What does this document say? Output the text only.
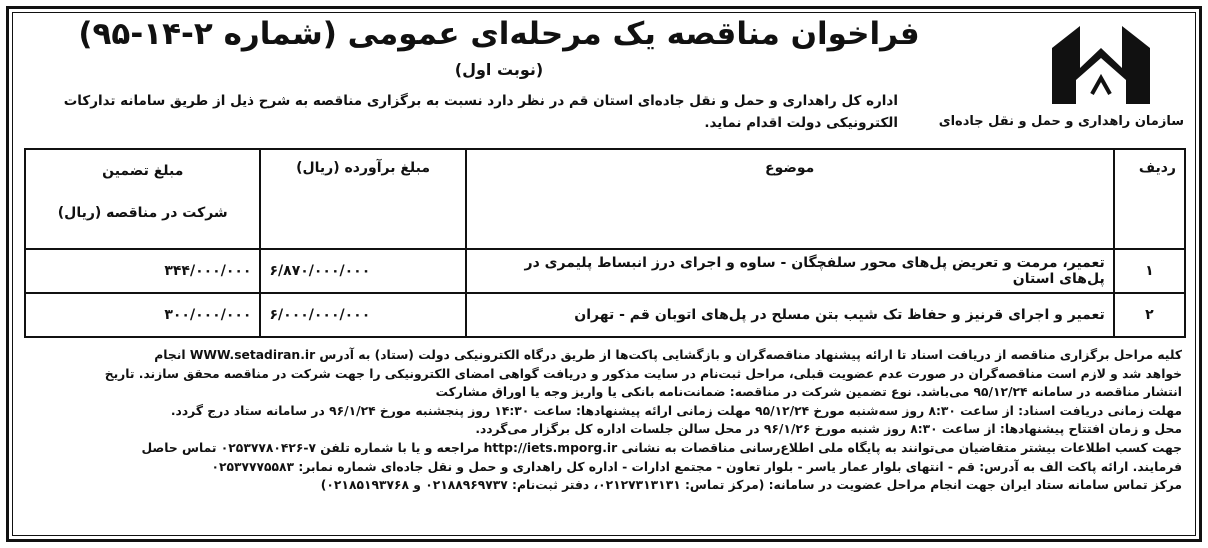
سازمان راهداری و حمل و نقل جاده‌ای
فراخوان مناقصه یک مرحله‌ای عمومی (شماره ۲-۱۴-۹۵)
(نوبت اول)
اداره کل راهداری و حمل و نقل جاده‌ای استان قم در نظر دارد نسبت به برگزاری مناقصه به شرح ذیل از طریق سامانه تدارکات الکترونیکی دولت اقدام نماید.
ردیف	موضوع	مبلغ برآورده (ریال)	مبلغ تضمین
شرکت در مناقصه (ریال)

۱	تعمیر، مرمت و تعریض پل‌های محور سلفچگان - ساوه و اجرای درز انبساط پلیمری در پل‌های استان	۶/۸۷۰/۰۰۰/۰۰۰	۳۴۴/۰۰۰/۰۰۰
۲	تعمیر و اجرای قرنیز و حفاظ تک شیب بتن مسلح در پل‌های اتوبان قم - تهران	۶/۰۰۰/۰۰۰/۰۰۰	۳۰۰/۰۰۰/۰۰۰

کلیه مراحل برگزاری مناقصه از دریافت اسناد تا ارائه پیشنهاد مناقصه‌گران و بازگشایی پاکت‌ها از طریق درگاه الکترونیکی دولت (ستاد) به آدرس WWW.setadiran.ir انجام

خواهد شد و لازم است مناقصه‌گران در صورت عدم عضویت قبلی، مراحل ثبت‌نام در سایت مذکور و دریافت گواهی امضای الکترونیکی را جهت شرکت در مناقصه محقق سازند. تاریخ

انتشار مناقصه در سامانه ۹۵/۱۲/۲۴ می‌باشد. نوع تضمین شرکت در مناقصه: ضمانت‌نامه بانکی یا واریز وجه یا اوراق مشارکت

مهلت زمانی دریافت اسناد: از ساعت ۸:۳۰ روز سه‌شنبه مورخ ۹۵/۱۲/۲۴ مهلت زمانی ارائه پیشنهادها: ساعت ۱۴:۳۰ روز پنجشنبه مورخ ۹۶/۱/۲۴ در سامانه ستاد درج گردد.

محل و زمان افتتاح پیشنهادها: از ساعت ۸:۳۰ روز شنبه مورخ ۹۶/۱/۲۶ در محل سالن جلسات اداره کل برگزار می‌گردد.

جهت کسب اطلاعات بیشتر متقاضیان می‌توانند به پایگاه ملی اطلاع‌رسانی مناقصات به نشانی http://iets.mporg.ir مراجعه و یا با شماره تلفن ۷-۰۲۵۳۷۷۸۰۴۲۶ تماس حاصل

فرمایند. ارائه پاکت الف به آدرس: قم - انتهای بلوار عمار یاسر - بلوار تعاون - مجتمع ادارات - اداره کل راهداری و حمل و نقل جاده‌ای شماره نمابر: ۰۲۵۳۷۷۷۵۵۸۳

مرکز تماس سامانه ستاد ایران جهت انجام مراحل عضویت در سامانه: (مرکز تماس: ۰۲۱۲۷۳۱۳۱۳۱، دفتر ثبت‌نام: ۰۲۱۸۸۹۶۹۷۳۷ و ۰۲۱۸۵۱۹۳۷۶۸)
